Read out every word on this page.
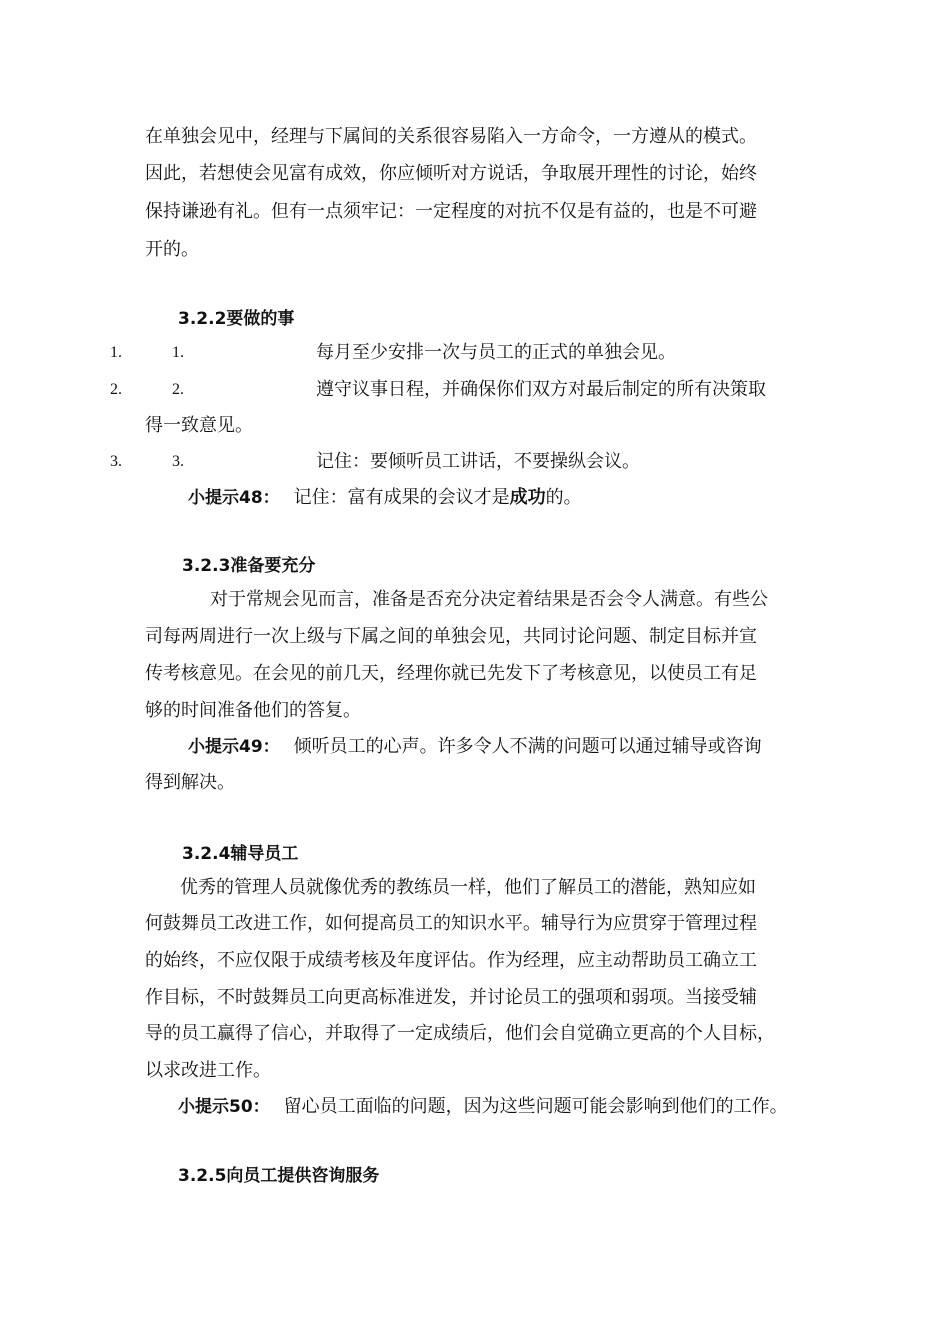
在单独会见中，经理与下属间的关系很容易陷入一方命令，一方遵从的模式。
因此，若想使会见富有成效，你应倾听对方说话，争取展开理性的讨论，始终
保持谦逊有礼。但有一点须牢记：一定程度的对抗不仅是有益的，也是不可避
开的。
3.2.2要做的事
1.	1.	每月至少安排一次与员工的正式的单独会见。
2.	2.	遵守议事日程，并确保你们双方对最后制定的所有决策取
得一致意见。
3.	3.	记住：要倾听员工讲话，不要操纵会议。
小提示48： 记住：富有成果的会议才是成功的。
3.2.3准备要充分
对于常规会见而言，准备是否充分决定着结果是否会令人满意。有些公
司每两周进行一次上级与下属之间的单独会见，共同讨论问题、制定目标并宣
传考核意见。在会见的前几天，经理你就已先发下了考核意见，以使员工有足
够的时间准备他们的答复。
小提示49： 倾听员工的心声。许多令人不满的问题可以通过辅导或咨询
得到解决。
3.2.4辅导员工
优秀的管理人员就像优秀的教练员一样，他们了解员工的潜能，熟知应如
何鼓舞员工改进工作，如何提高员工的知识水平。辅导行为应贯穿于管理过程
的始终，不应仅限于成绩考核及年度评估。作为经理，应主动帮助员工确立工
作目标，不时鼓舞员工向更高标准迸发，并讨论员工的强项和弱项。当接受辅
导的员工赢得了信心，并取得了一定成绩后，他们会自觉确立更高的个人目标，
以求改进工作。
小提示50： 留心员工面临的问题，因为这些问题可能会影响到他们的工作。
3.2.5向员工提供咨询服务
